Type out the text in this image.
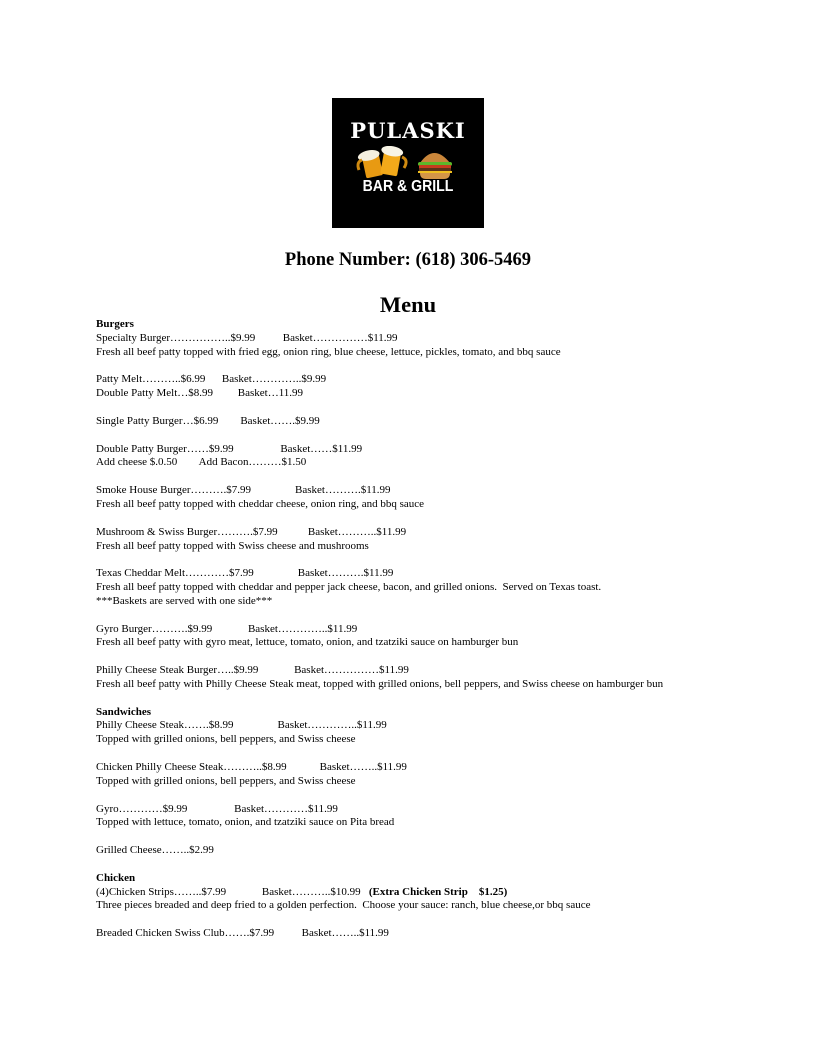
PULASKI
BAR & GRILL
Phone Number: (618) 306-5469
Menu
Burgers
Specialty Burger……………..$9.99          Basket……………$11.99
Fresh all beef patty topped with fried egg, onion ring, blue cheese, lettuce, pickles, tomato, and bbq sauce
Patty Melt………..$6.99      Basket…………..$9.99
Double Patty Melt…$8.99         Basket…11.99
Single Patty Burger…$6.99        Basket…….$9.99
Double Patty Burger……$9.99                 Basket……$11.99
Add cheese $.0.50        Add Bacon………$1.50
Smoke House Burger……….$7.99                Basket……….$11.99
Fresh all beef patty topped with cheddar cheese, onion ring, and bbq sauce
Mushroom & Swiss Burger……….$7.99           Basket………..$11.99
Fresh all beef patty topped with Swiss cheese and mushrooms
Texas Cheddar Melt…………$7.99                Basket……….$11.99
Fresh all beef patty topped with cheddar and pepper jack cheese, bacon, and grilled onions.  Served on Texas toast.
***Baskets are served with one side***
Gyro Burger……….$9.99             Basket…………..$11.99
Fresh all beef patty with gyro meat, lettuce, tomato, onion, and tzatziki sauce on hamburger bun
Philly Cheese Steak Burger…..$9.99             Basket……………$11.99
Fresh all beef patty with Philly Cheese Steak meat, topped with grilled onions, bell peppers, and Swiss cheese on hamburger bun
Sandwiches
Philly Cheese Steak…….$8.99                Basket…………..$11.99
Topped with grilled onions, bell peppers, and Swiss cheese
Chicken Philly Cheese Steak………..$8.99            Basket……..$11.99
Topped with grilled onions, bell peppers, and Swiss cheese
Gyro…………$9.99                 Basket…………$11.99
Topped with lettuce, tomato, onion, and tzatziki sauce on Pita bread
Grilled Cheese……..$2.99
Chicken
(4)Chicken Strips……..$7.99             Basket………..$10.99   (Extra Chicken Strip    $1.25)
Three pieces breaded and deep fried to a golden perfection.  Choose your sauce: ranch, blue cheese,or bbq sauce
Breaded Chicken Swiss Club…….$7.99          Basket……..$11.99
